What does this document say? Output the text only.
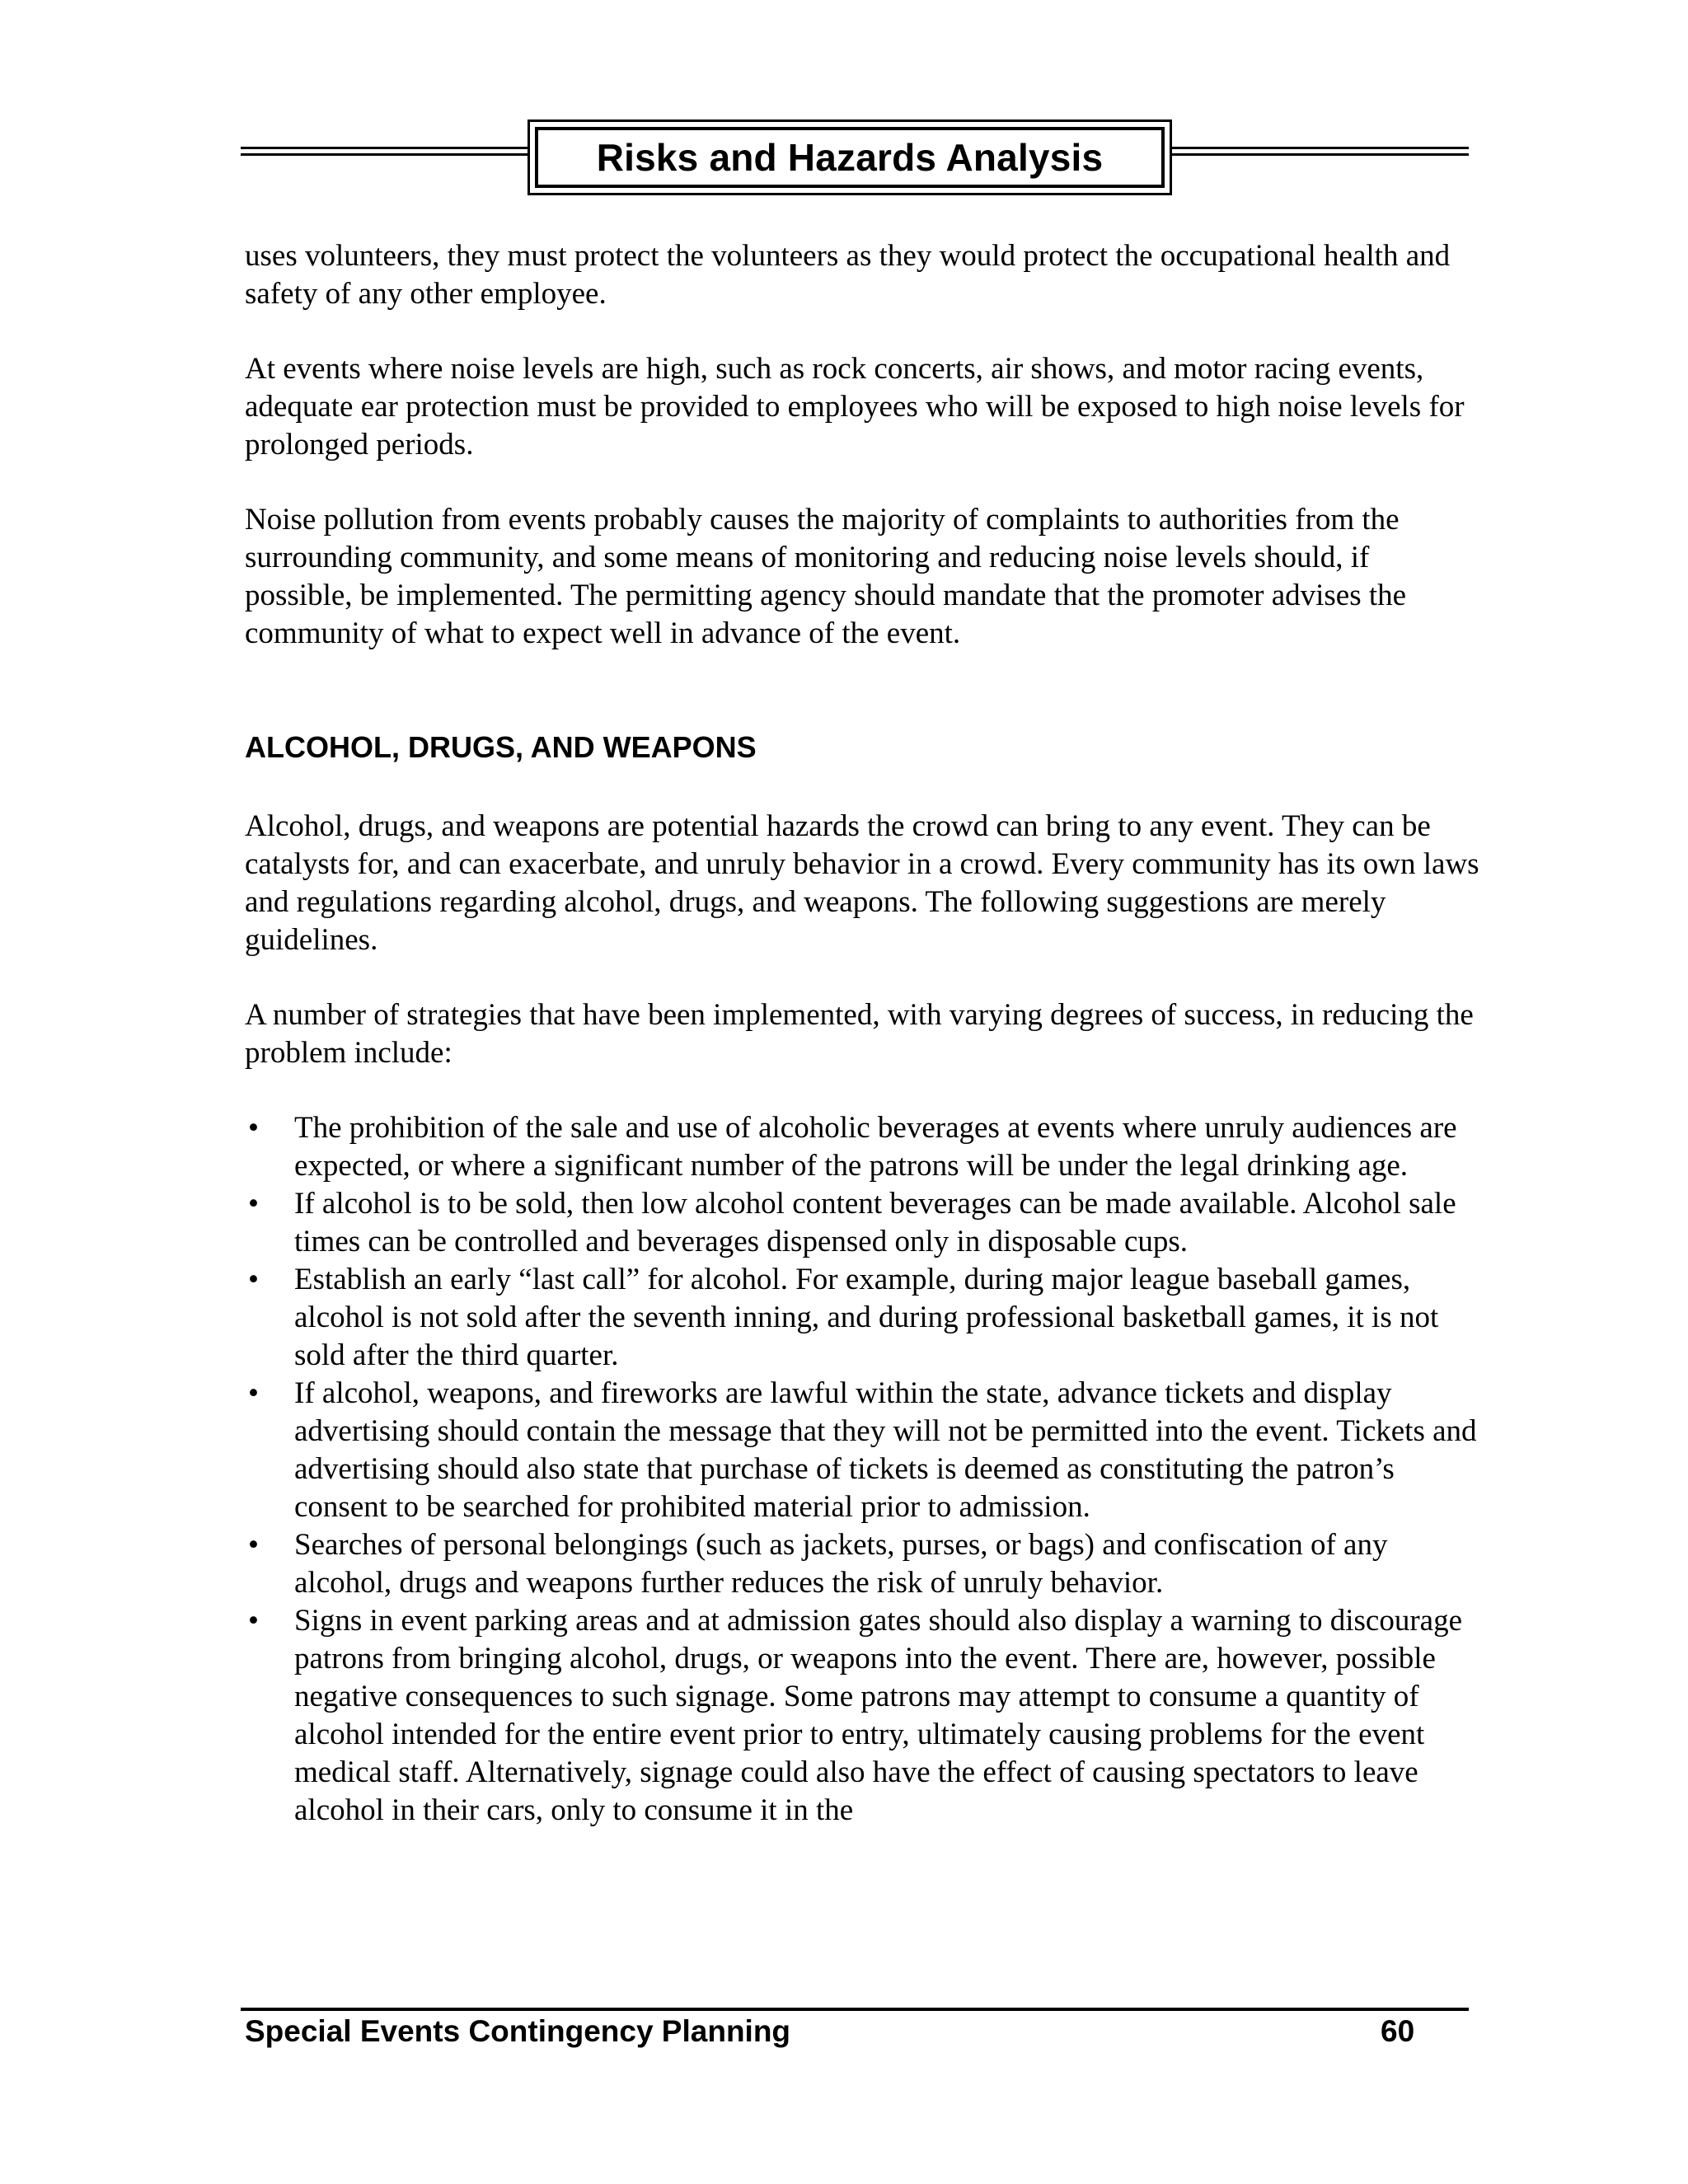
Risks and Hazards Analysis

uses volunteers, they must protect the volunteers as they would protect the occupational health and safety of any other employee.

At events where noise levels are high, such as rock concerts, air shows, and motor racing events, adequate ear protection must be provided to employees who will be exposed to high noise levels for prolonged periods.

Noise pollution from events probably causes the majority of complaints to authorities from the surrounding community, and some means of monitoring and reducing noise levels should, if possible, be implemented. The permitting agency should mandate that the promoter advises the community of what to expect well in advance of the event.

ALCOHOL, DRUGS, AND WEAPONS

Alcohol, drugs, and weapons are potential hazards the crowd can bring to any event. They can be catalysts for, and can exacerbate, and unruly behavior in a crowd. Every community has its own laws and regulations regarding alcohol, drugs, and weapons. The following suggestions are merely guidelines.

A number of strategies that have been implemented, with varying degrees of success, in reducing the problem include:

• The prohibition of the sale and use of alcoholic beverages at events where unruly audiences are expected, or where a significant number of the patrons will be under the legal drinking age.
• If alcohol is to be sold, then low alcohol content beverages can be made available. Alcohol sale times can be controlled and beverages dispensed only in disposable cups.
• Establish an early “last call” for alcohol. For example, during major league baseball games, alcohol is not sold after the seventh inning, and during professional basketball games, it is not sold after the third quarter.
• If alcohol, weapons, and fireworks are lawful within the state, advance tickets and display advertising should contain the message that they will not be permitted into the event. Tickets and advertising should also state that purchase of tickets is deemed as constituting the patron’s consent to be searched for prohibited material prior to admission.
• Searches of personal belongings (such as jackets, purses, or bags) and confiscation of any alcohol, drugs and weapons further reduces the risk of unruly behavior.
• Signs in event parking areas and at admission gates should also display a warning to discourage patrons from bringing alcohol, drugs, or weapons into the event. There are, however, possible negative consequences to such signage. Some patrons may attempt to consume a quantity of alcohol intended for the entire event prior to entry, ultimately causing problems for the event medical staff. Alternatively, signage could also have the effect of causing spectators to leave alcohol in their cars, only to consume it in the
Special Events Contingency Planning	60
